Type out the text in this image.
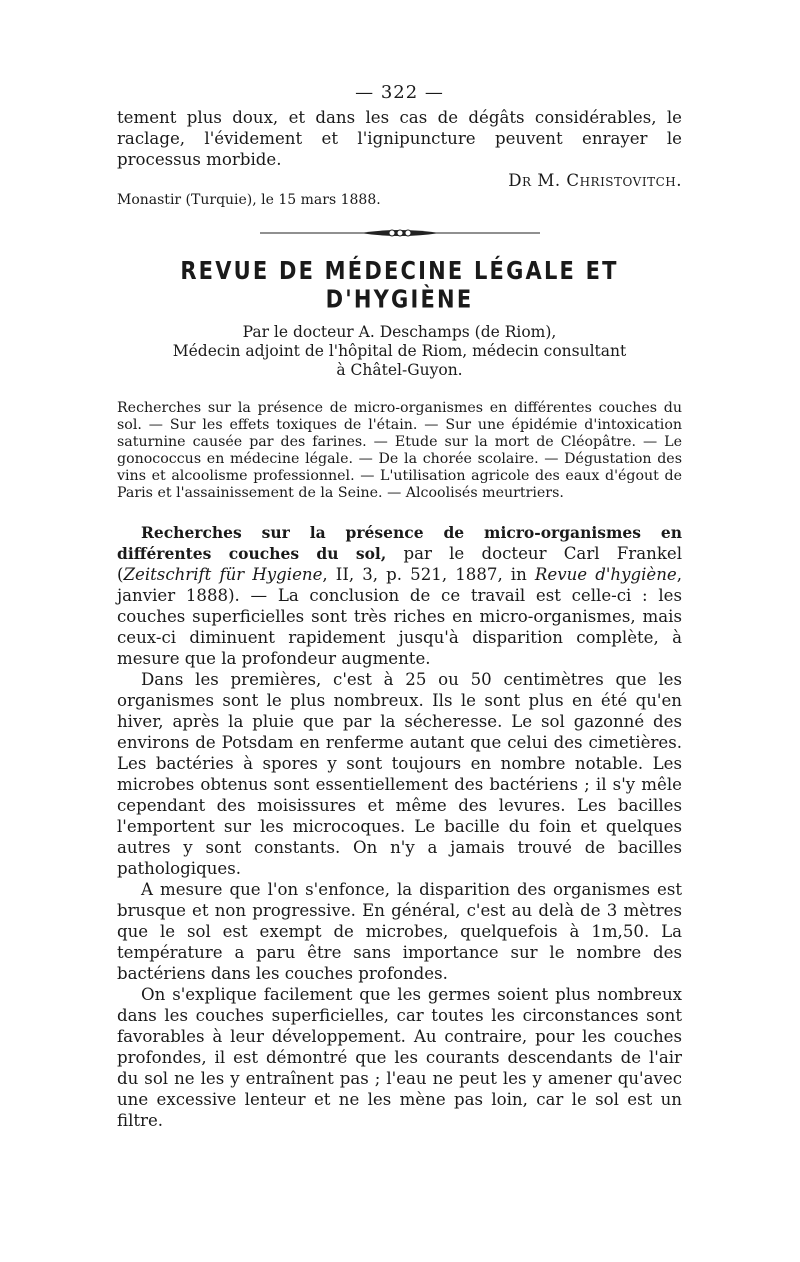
— 322 —

tement plus doux, et dans les cas de dégâts considérables, le raclage, l'évidement et l'ignipuncture peuvent enrayer le processus morbide.

Dr M. Christovitch.
Monastir (Turquie), le 15 mars 1888.
REVUE DE MÉDECINE LÉGALE ET D'HYGIÈNE
Par le docteur A. Deschamps (de Riom),
Médecin adjoint de l'hôpital de Riom, médecin consultant
à Châtel-Guyon.

Recherches sur la présence de micro-organismes en différentes couches du sol. — Sur les effets toxiques de l'étain. — Sur une épidémie d'intoxication saturnine causée par des farines. — Etude sur la mort de Cléopâtre. — Le gonococcus en médecine légale. — De la chorée scolaire. — Dégustation des vins et alcoolisme professionnel. — L'utilisation agricole des eaux d'égout de Paris et l'assainissement de la Seine. — Alcoolisés meurtriers.

Recherches sur la présence de micro-organismes en différentes couches du sol, par le docteur Carl Frankel (Zeitschrift für Hygiene, II, 3, p. 521, 1887, in Revue d'hygiène, janvier 1888). — La conclusion de ce travail est celle-ci : les couches superficielles sont très riches en micro-organismes, mais ceux-ci diminuent rapidement jusqu'à disparition complète, à mesure que la profondeur augmente.

Dans les premières, c'est à 25 ou 50 centimètres que les organismes sont le plus nombreux. Ils le sont plus en été qu'en hiver, après la pluie que par la sécheresse. Le sol gazonné des environs de Potsdam en renferme autant que celui des cimetières. Les bactéries à spores y sont toujours en nombre notable. Les microbes obtenus sont essentiellement des bactériens ; il s'y mêle cependant des moisissures et même des levures. Les bacilles l'emportent sur les microcoques. Le bacille du foin et quelques autres y sont constants. On n'y a jamais trouvé de bacilles pathologiques.

A mesure que l'on s'enfonce, la disparition des organismes est brusque et non progressive. En général, c'est au delà de 3 mètres que le sol est exempt de microbes, quelquefois à 1m,50. La température a paru être sans importance sur le nombre des bactériens dans les couches profondes.

On s'explique facilement que les germes soient plus nombreux dans les couches superficielles, car toutes les circonstances sont favorables à leur développement. Au contraire, pour les couches profondes, il est démontré que les courants descendants de l'air du sol ne les y entraînent pas ; l'eau ne peut les y amener qu'avec une excessive lenteur et ne les mène pas loin, car le sol est un filtre.
